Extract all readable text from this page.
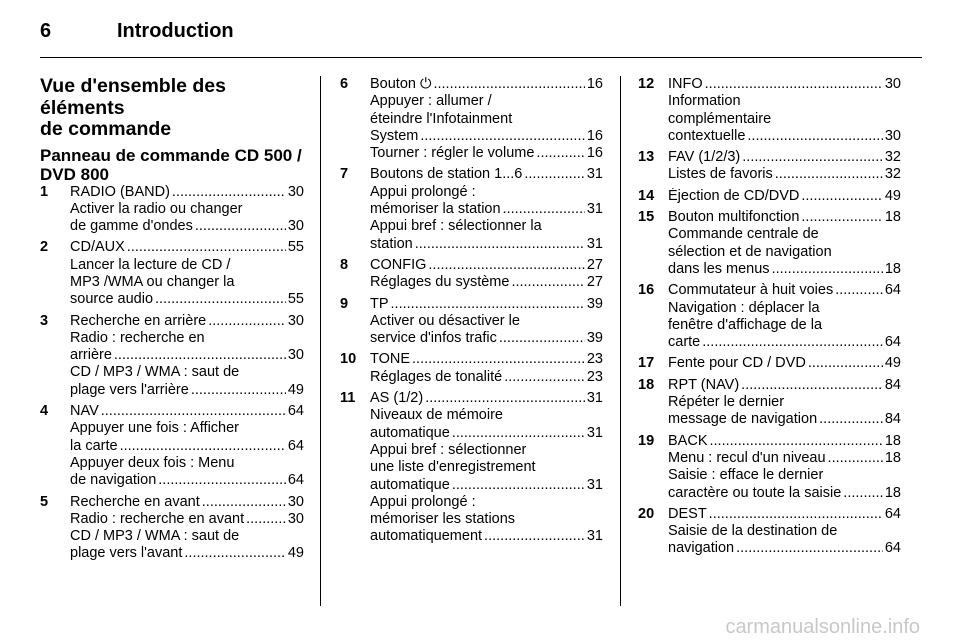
6	Introduction
Vue d'ensemble des éléments
de commande
Panneau de commande CD 500 /
DVD 800
1 RADIO (BAND) .....	30
Activer la radio ou changer
de gamme d'ondes .....	30
2 CD/AUX .....	55
Lancer la lecture de CD /
MP3 /WMA ou changer la
source audio .....	55
3 Recherche en arrière .....	30
Radio : recherche en
arrière .....	30
CD / MP3 / WMA : saut de
plage vers l'arrière .....	49
4 NAV .....	64
Appuyer une fois : Afficher
la carte .....	64
Appuyer deux fois : Menu
de navigation .....	64
5 Recherche en avant .....	30
Radio : recherche en avant .....	30
CD / MP3 / WMA : saut de
plage vers l'avant .....	49
6 Bouton ⏻ .....	16
Appuyer : allumer /
éteindre l'Infotainment
System .....	16
Tourner : régler le volume .....	16
7 Boutons de station 1...6 .....	31
Appui prolongé :
mémoriser la station .....	31
Appui bref : sélectionner la
station .....	31
8 CONFIG .....	27
Réglages du système .....	27
9 TP .....	39
Activer ou désactiver le
service d'infos trafic .....	39
10 TONE .....	23
Réglages de tonalité .....	23
11 AS (1/2) .....	31
Niveaux de mémoire
automatique .....	31
Appui bref : sélectionner
une liste d'enregistrement
automatique .....	31
Appui prolongé :
mémoriser les stations
automatiquement .....	31
12 INFO .....	30
Information
complémentaire
contextuelle .....	30
13 FAV (1/2/3) .....	32
Listes de favoris .....	32
14 Éjection de CD/DVD .....	49
15 Bouton multifonction .....	18
Commande centrale de
sélection et de navigation
dans les menus .....	18
16 Commutateur à huit voies .....	64
Navigation : déplacer la
fenêtre d'affichage de la
carte .....	64
17 Fente pour CD / DVD .....	49
18 RPT (NAV) .....	84
Répéter le dernier
message de navigation .....	84
19 BACK .....	18
Menu : recul d'un niveau .....	18
Saisie : efface le dernier
caractère ou toute la saisie .....	18
20 DEST .....	64
Saisie de la destination de
navigation .....	64
carmanualsonline.info
